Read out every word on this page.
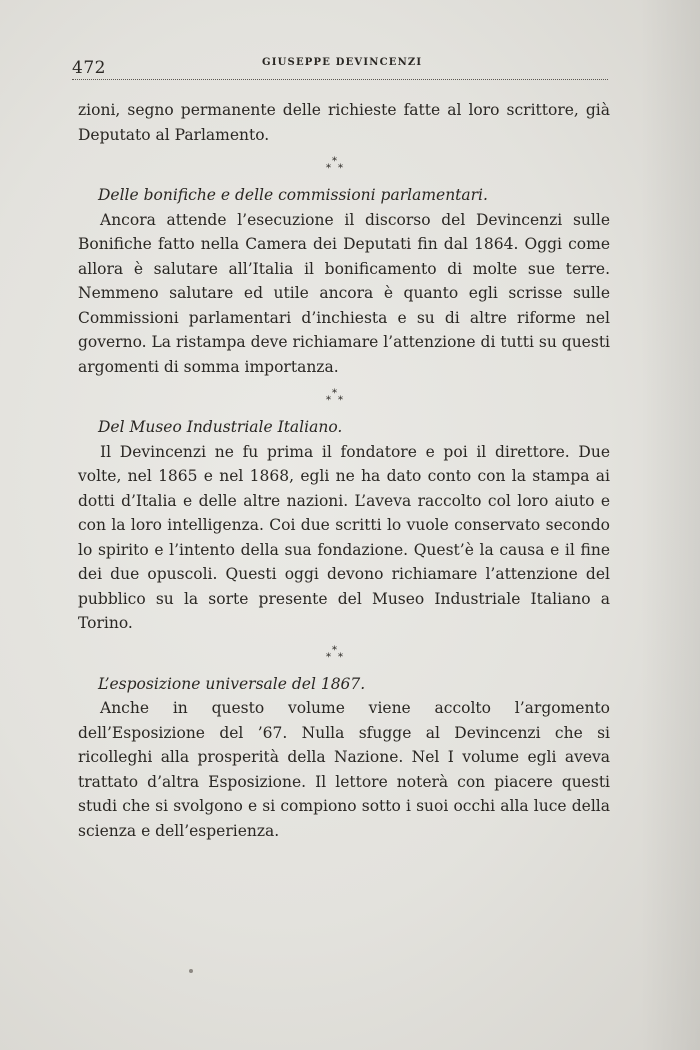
472	GIUSEPPE DEVINCENZI

zioni, segno permanente delle richieste fatte al loro scrittore, già Deputato al Parlamento.

*
* *

Delle bonifiche e delle commissioni parlamentari.

Ancora attende l’esecuzione il discorso del Devincenzi sulle Bonifiche fatto nella Camera dei Deputati fin dal 1864. Oggi come allora è salutare all’Italia il bonificamento di molte sue terre. Nemmeno salutare ed utile ancora è quanto egli scrisse sulle Commissioni parlamentari d’inchiesta e su di altre riforme nel governo. La ristampa deve richiamare l’attenzione di tutti su questi argomenti di somma importanza.

*
* *

Del Museo Industriale Italiano.

Il Devincenzi ne fu prima il fondatore e poi il direttore. Due volte, nel 1865 e nel 1868, egli ne ha dato conto con la stampa ai dotti d’Italia e delle altre nazioni. L’aveva raccolto col loro aiuto e con la loro intelligenza. Coi due scritti lo vuole conservato secondo lo spirito e l’intento della sua fondazione. Quest’è la causa e il fine dei due opuscoli. Questi oggi devono richiamare l’attenzione del pubblico su la sorte presente del Museo Industriale Italiano a Torino.

*
* *

L’esposizione universale del 1867.

Anche in questo volume viene accolto l’argomento dell’Esposizione del ’67. Nulla sfugge al Devincenzi che si ricolleghi alla prosperità della Nazione. Nel I volume egli aveva trattato d’altra Esposizione. Il lettore noterà con piacere questi studi che si svolgono e si compiono sotto i suoi occhi alla luce della scienza e dell’esperienza.
